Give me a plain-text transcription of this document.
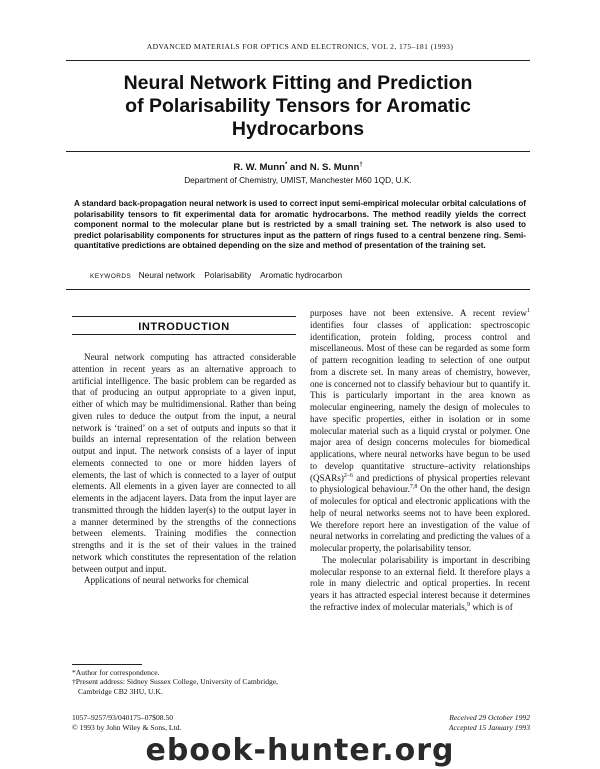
ADVANCED MATERIALS FOR OPTICS AND ELECTRONICS, VOL 2, 175–181 (1993)
Neural Network Fitting and Prediction
of Polarisability Tensors for Aromatic
Hydrocarbons
R. W. Munn* and N. S. Munn†
Department of Chemistry, UMIST, Manchester M60 1QD, U.K.
A standard back-propagation neural network is used to correct input semi-empirical molecular orbital calculations of polarisability tensors to fit experimental data for aromatic hydrocarbons. The method readily yields the correct component normal to the molecular plane but is restricted by a small training set. The network is also used to predict polarisability components for structures input as the pattern of rings fused to a central benzene ring. Semi-quantitative predictions are obtained depending on the size and method of presentation of the training set.
KEYWORDS Neural network Polarisability Aromatic hydrocarbon
INTRODUCTION

Neural network computing has attracted considerable attention in recent years as an alternative approach to artificial intelligence. The basic problem can be regarded as that of producing an output appropriate to a given input, either of which may be multidimensional. Rather than being given rules to deduce the output from the input, a neural network is ‘trained’ on a set of outputs and inputs so that it builds an internal representation of the relation between output and input. The network consists of a layer of input elements connected to one or more hidden layers of elements, the last of which is connected to a layer of output elements. All elements in a given layer are connected to all elements in the adjacent layers. Data from the input layer are transmitted through the hidden layer(s) to the output layer in a manner determined by the strengths of the connections between elements. Training modifies the connection strengths and it is the set of their values in the trained network which constitutes the representation of the relation between output and input.

Applications of neural networks for chemical

*Author for correspondence.
†Present address: Sidney Sussex College, University of Cambridge, Cambridge CB2 3HU, U.K.

purposes have not been extensive. A recent review$^1$ identifies four classes of application: spectroscopic identification, protein folding, process control and miscellaneous. Most of these can be regarded as some form of pattern recognition leading to selection of one output from a discrete set. In many areas of chemistry, however, one is concerned not to classify behaviour but to quantify it. This is particularly important in the area known as molecular engineering, namely the design of molecules to have specific properties, either in isolation or in some molecular material such as a liquid crystal or polymer. One major area of design concerns molecules for biomedical applications, where neural networks have begun to be used to develop quantitative structure–activity relationships (QSARs)$^{2-6}$ and predictions of physical properties relevant to physiological behaviour.$^{7,8}$ On the other hand, the design of molecules for optical and electronic applications with the help of neural networks seems not to have been explored. We therefore report here an investigation of the value of neural networks in correlating and predicting the values of a molecular property, the polarisability tensor.

The molecular polarisability is important in describing molecular response to an external field. It therefore plays a role in many dielectric and optical properties. In recent years it has attracted especial interest because it determines the refractive index of molecular materials,$^9$ which is of

1057–9257/93/040175–07$08.50
© 1993 by John Wiley & Sons, Ltd.
Received 29 October 1992
Accepted 15 January 1993
ebook-hunter.org
